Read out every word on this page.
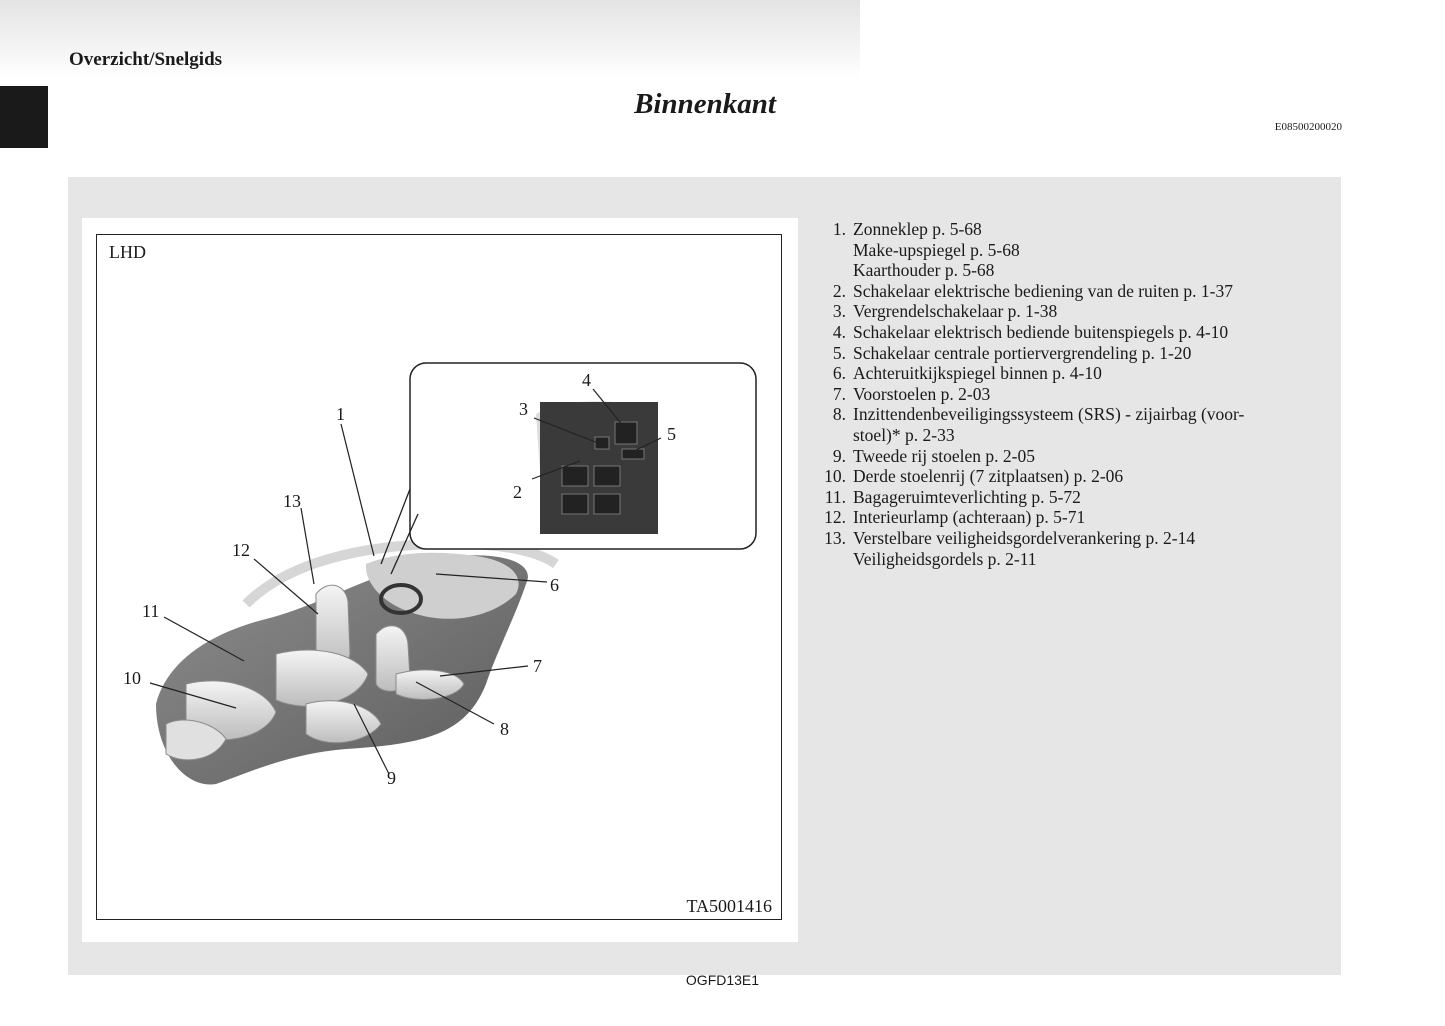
Overzicht/Snelgids
Binnenkant
E08500200020
LHD
1
2
3
4
5
6
7
8
9
10
11
12
13
TA5001416
1. Zonneklep p. 5-68
Make-upspiegel p. 5-68
Kaarthouder p. 5-68
2. Schakelaar elektrische bediening van de ruiten p. 1-37
3. Vergrendelschakelaar p. 1-38
4. Schakelaar elektrisch bediende buitenspiegels p. 4-10
5. Schakelaar centrale portiervergrendeling p. 1-20
6. Achteruitkijkspiegel binnen p. 4-10
7. Voorstoelen p. 2-03
8. Inzittendenbeveiligingssysteem (SRS) - zijairbag (voor-
stoel)* p. 2-33
9. Tweede rij stoelen p. 2-05
10. Derde stoelenrij (7 zitplaatsen) p. 2-06
11. Bagageruimteverlichting p. 5-72
12. Interieurlamp (achteraan) p. 5-71
13. Verstelbare veiligheidsgordelverankering p. 2-14
Veiligheidsgordels p. 2-11
OGFD13E1
